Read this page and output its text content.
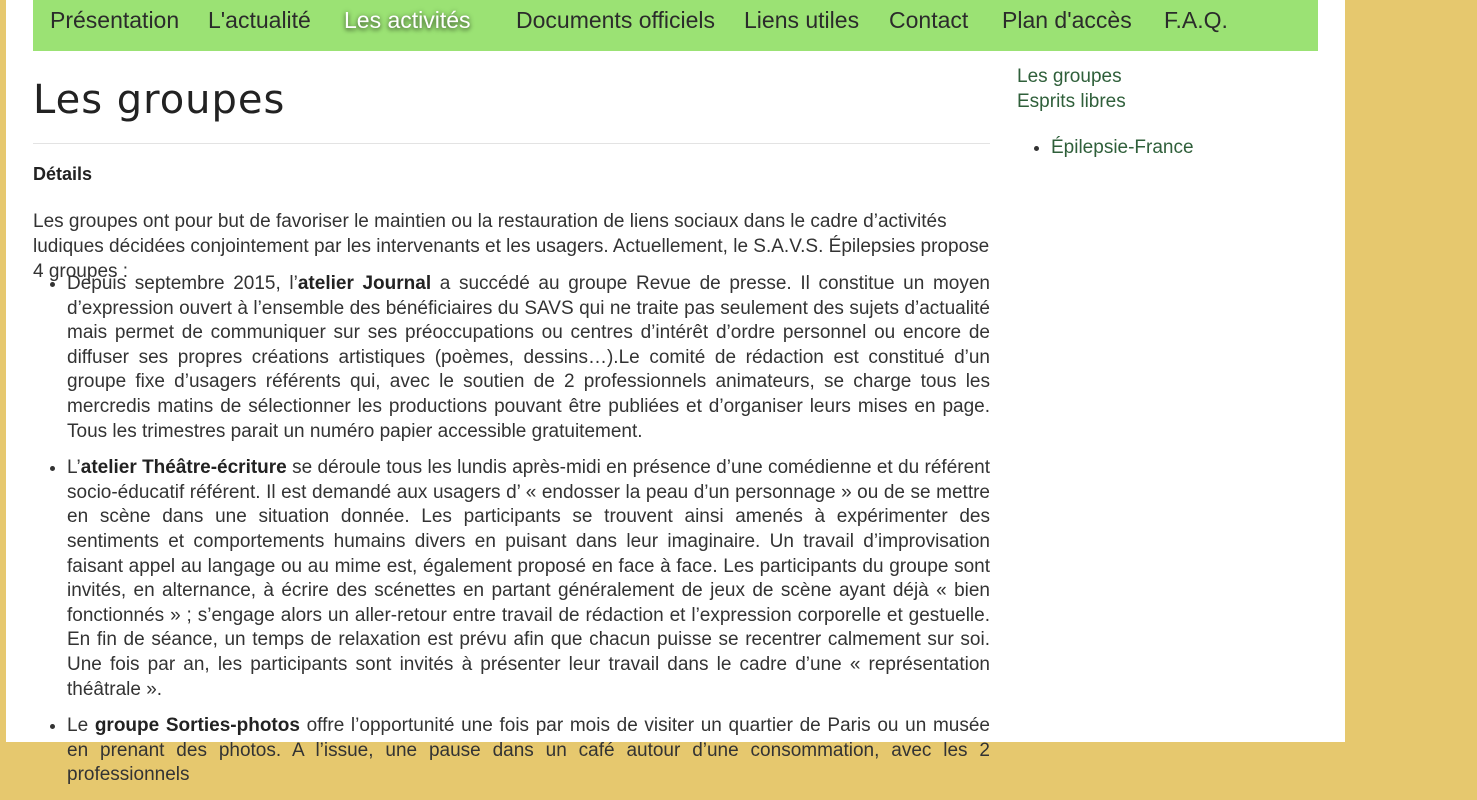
Présentation L'actualité Les activités Documents officiels Liens utiles Contact Plan d'accès F.A.Q.
Les groupes
Détails

Les groupes ont pour but de favoriser le maintien ou la restauration de liens sociaux dans le cadre d’activités ludiques décidées conjointement par les intervenants et les usagers. Actuellement, le S.A.V.S. Épilepsies propose 4 groupes :

• Depuis septembre 2015, l’atelier Journal a succédé au groupe Revue de presse. Il constitue un moyen d’expression ouvert à l’ensemble des bénéficiaires du SAVS qui ne traite pas seulement des sujets d’actualité mais permet de communiquer sur ses préoccupations ou centres d’intérêt d’ordre personnel ou encore de diffuser ses propres créations artistiques (poèmes, dessins…).Le comité de rédaction est constitué d’un groupe fixe d’usagers référents qui, avec le soutien de 2 professionnels animateurs, se charge tous les mercredis matins de sélectionner les productions pouvant être publiées et d’organiser leurs mises en page. Tous les trimestres parait un numéro papier accessible gratuitement.
• L’atelier Théâtre-écriture se déroule tous les lundis après-midi en présence d’une comédienne et du référent socio-éducatif référent. Il est demandé aux usagers d’ « endosser la peau d’un personnage » ou de se mettre en scène dans une situation donnée. Les participants se trouvent ainsi amenés à expérimenter des sentiments et comportements humains divers en puisant dans leur imaginaire. Un travail d’improvisation faisant appel au langage ou au mime est, également proposé en face à face. Les participants du groupe sont invités, en alternance, à écrire des scénettes en partant généralement de jeux de scène ayant déjà « bien fonctionnés » ; s’engage alors un aller-retour entre travail de rédaction et l’expression corporelle et gestuelle. En fin de séance, un temps de relaxation est prévu afin que chacun puisse se recentrer calmement sur soi. Une fois par an, les participants sont invités à présenter leur travail dans le cadre d’une « représentation théâtrale ».
• Le groupe Sorties-photos offre l’opportunité une fois par mois de visiter un quartier de Paris ou un musée en prenant des photos. A l’issue, une pause dans un café autour d’une consommation, avec les 2 professionnels
Les groupes
Esprits libres
• Épilepsie-France
